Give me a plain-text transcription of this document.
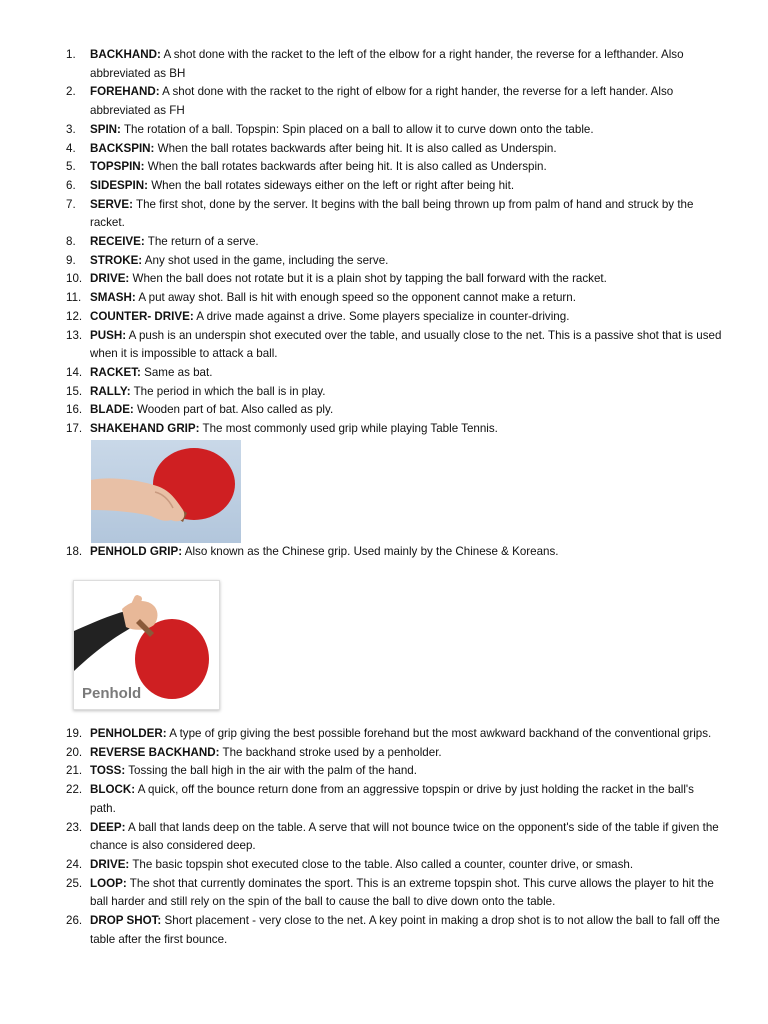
1. BACKHAND: A shot done with the racket to the left of the elbow for a right hander, the reverse for a lefthander. Also abbreviated as BH
2. FOREHAND: A shot done with the racket to the right of elbow for a right hander, the reverse for a left hander. Also abbreviated as FH
3. SPIN: The rotation of a ball. Topspin: Spin placed on a ball to allow it to curve down onto the table.
4. BACKSPIN: When the ball rotates backwards after being hit. It is also called as Underspin.
5. TOPSPIN: When the ball rotates backwards after being hit. It is also called as Underspin.
6. SIDESPIN: When the ball rotates sideways either on the left or right after being hit.
7. SERVE: The first shot, done by the server. It begins with the ball being thrown up from palm of hand and struck by the racket.
8. RECEIVE: The return of a serve.
9. STROKE: Any shot used in the game, including the serve.
10. DRIVE: When the ball does not rotate but it is a plain shot by tapping the ball forward with the racket.
11. SMASH: A put away shot. Ball is hit with enough speed so the opponent cannot make a return.
12. COUNTER- DRIVE: A drive made against a drive. Some players specialize in counter-driving.
13. PUSH: A push is an underspin shot executed over the table, and usually close to the net. This is a passive shot that is used when it is impossible to attack a ball.
14. RACKET: Same as bat.
15. RALLY: The period in which the ball is in play.
16. BLADE: Wooden part of bat. Also called as ply.
17. SHAKEHAND GRIP: The most commonly used grip while playing Table Tennis.
18. PENHOLD GRIP: Also known as the Chinese grip. Used mainly by the Chinese & Koreans.
Penhold
19. PENHOLDER: A type of grip giving the best possible forehand but the most awkward backhand of the conventional grips.
20. REVERSE BACKHAND: The backhand stroke used by a penholder.
21. TOSS: Tossing the ball high in the air with the palm of the hand.
22. BLOCK: A quick, off the bounce return done from an aggressive topspin or drive by just holding the racket in the ball's path.
23. DEEP: A ball that lands deep on the table. A serve that will not bounce twice on the opponent's side of the table if given the chance is also considered deep.
24. DRIVE: The basic topspin shot executed close to the table. Also called a counter, counter drive, or smash.
25. LOOP: The shot that currently dominates the sport. This is an extreme topspin shot. This curve allows the player to hit the ball harder and still rely on the spin of the ball to cause the ball to dive down onto the table.
26. DROP SHOT: Short placement - very close to the net. A key point in making a drop shot is to not allow the ball to fall off the table after the first bounce.
